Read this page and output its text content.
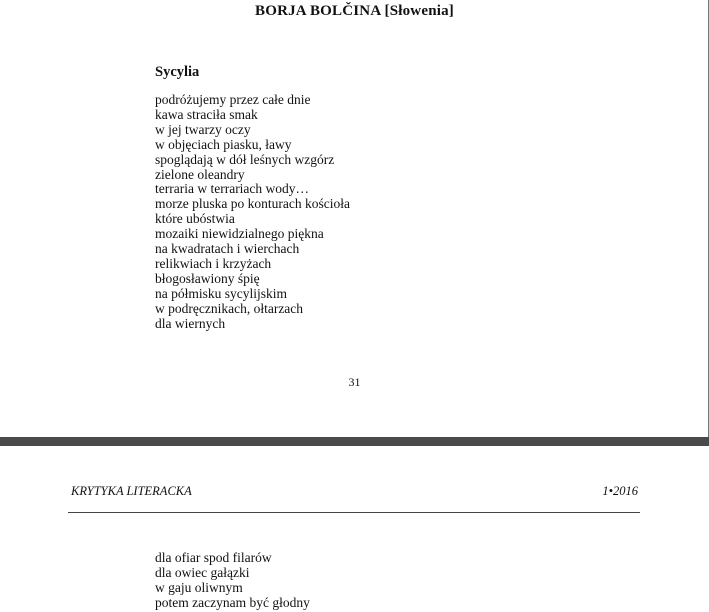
BORJA BOLČINA [Słowenia]
Sycylia
podróżujemy przez całe dnie
kawa straciła smak
w jej twarzy oczy
w objęciach piasku, ławy
spoglądają w dół leśnych wzgórz
zielone oleandry
terraria w terrariach wody…
morze pluska po konturach kościoła
które ubóstwia
mozaiki niewidzialnego piękna
na kwadratach i wierchach
relikwiach i krzyżach
błogosławiony śpię
na półmisku sycylijskim
w podręcznikach, ołtarzach
dla wiernych
31
KRYTYKA LITERACKA	1•2016
dla ofiar spod filarów
dla owiec gałązki
w gaju oliwnym
potem zaczynam być głodny
